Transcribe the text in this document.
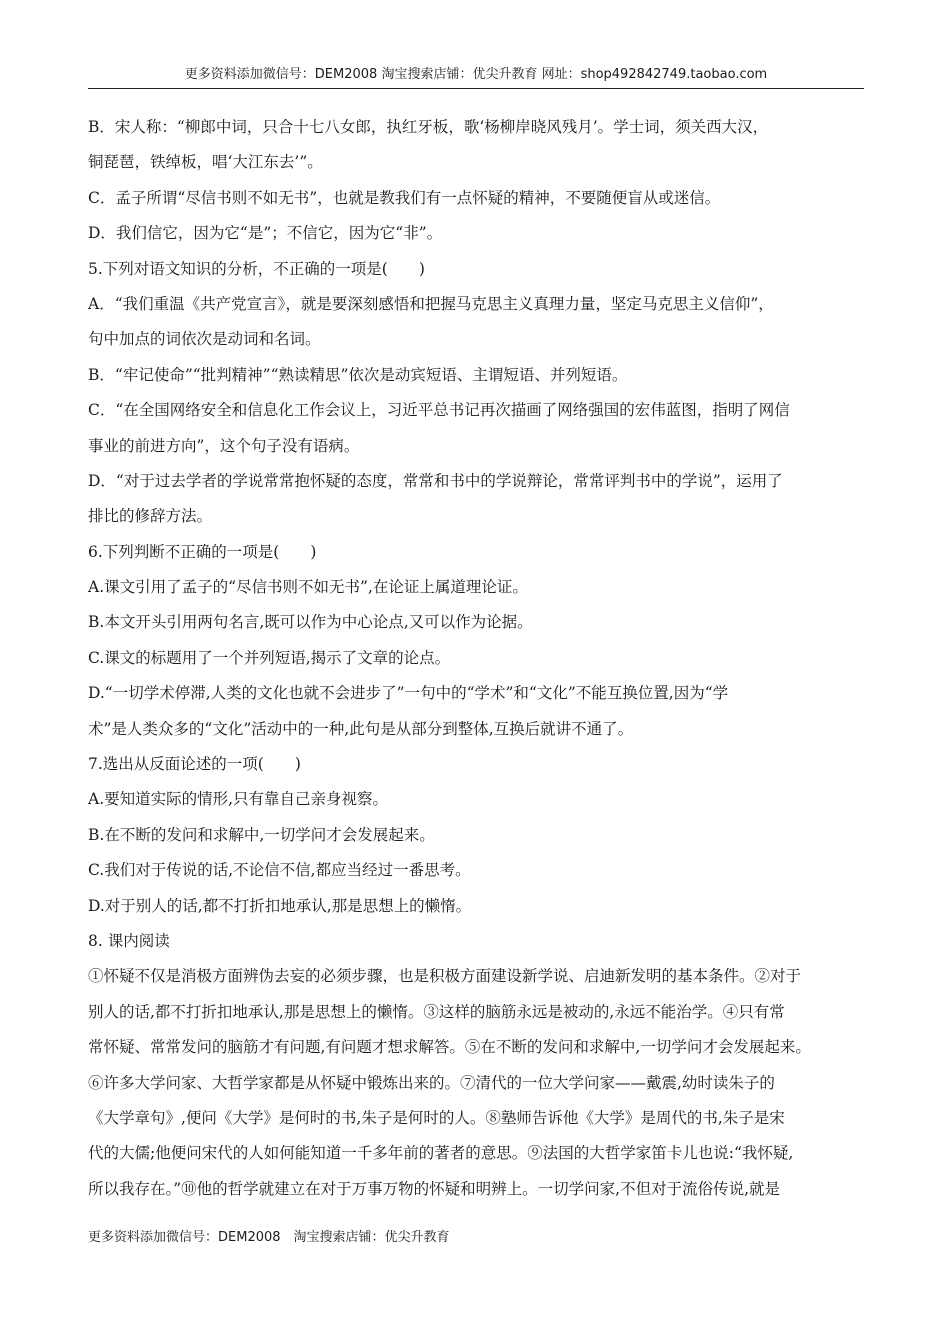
更多资料添加微信号：DEM2008 淘宝搜索店铺：优尖升教育 网址：shop492842749.taobao.com
B．宋人称：“柳郎中词，只合十七八女郎，执红牙板，歌‘杨柳岸晓风残月’。学士词，须关西大汉，
铜琵琶，铁绰板，唱‘大江东去’”。
C．孟子所谓“尽信书则不如无书”，也就是教我们有一点怀疑的精神，不要随便盲从或迷信。
D．我们信它，因为它“是”；不信它，因为它“非”。
5.下列对语文知识的分析，不正确的一项是(　　)
A．“我们重温《共产党宣言》，就是要深刻感悟和把握马克思主义真理力量，坚定马克思主义信仰”，
句中加点的词依次是动词和名词。
B．“牢记使命”“批判精神”“熟读精思”依次是动宾短语、主谓短语、并列短语。
C．“在全国网络安全和信息化工作会议上，习近平总书记再次描画了网络强国的宏伟蓝图，指明了网信
事业的前进方向”，这个句子没有语病。
D．“对于过去学者的学说常常抱怀疑的态度，常常和书中的学说辩论，常常评判书中的学说”，运用了
排比的修辞方法。
6.下列判断不正确的一项是(　　)
A.课文引用了孟子的“尽信书则不如无书”,在论证上属道理论证。
B.本文开头引用两句名言,既可以作为中心论点,又可以作为论据。
C.课文的标题用了一个并列短语,揭示了文章的论点。
D.“一切学术停滞,人类的文化也就不会进步了”一句中的“学术”和“文化”不能互换位置,因为“学
术”是人类众多的“文化”活动中的一种,此句是从部分到整体,互换后就讲不通了。
7.选出从反面论述的一项(　　)
A.要知道实际的情形,只有靠自己亲身视察。
B.在不断的发问和求解中,一切学问才会发展起来。
C.我们对于传说的话,不论信不信,都应当经过一番思考。
D.对于别人的话,都不打折扣地承认,那是思想上的懒惰。
8. 课内阅读
①怀疑不仅是消极方面辨伪去妄的必须步骤，也是积极方面建设新学说、启迪新发明的基本条件。②对于
别人的话,都不打折扣地承认,那是思想上的懒惰。③这样的脑筋永远是被动的,永远不能治学。④只有常
常怀疑、常常发问的脑筋才有问题,有问题才想求解答。⑤在不断的发问和求解中,一切学问才会发展起来。
⑥许多大学问家、大哲学家都是从怀疑中锻炼出来的。⑦清代的一位大学问家——戴震,幼时读朱子的
《大学章句》,便问《大学》是何时的书,朱子是何时的人。⑧塾师告诉他《大学》是周代的书,朱子是宋
代的大儒;他便问宋代的人如何能知道一千多年前的著者的意思。⑨法国的大哲学家笛卡儿也说:“我怀疑,
所以我存在。”⑩他的哲学就建立在对于万事万物的怀疑和明辨上。一切学问家,不但对于流俗传说,就是
更多资料添加微信号：DEM2008　淘宝搜索店铺：优尖升教育
